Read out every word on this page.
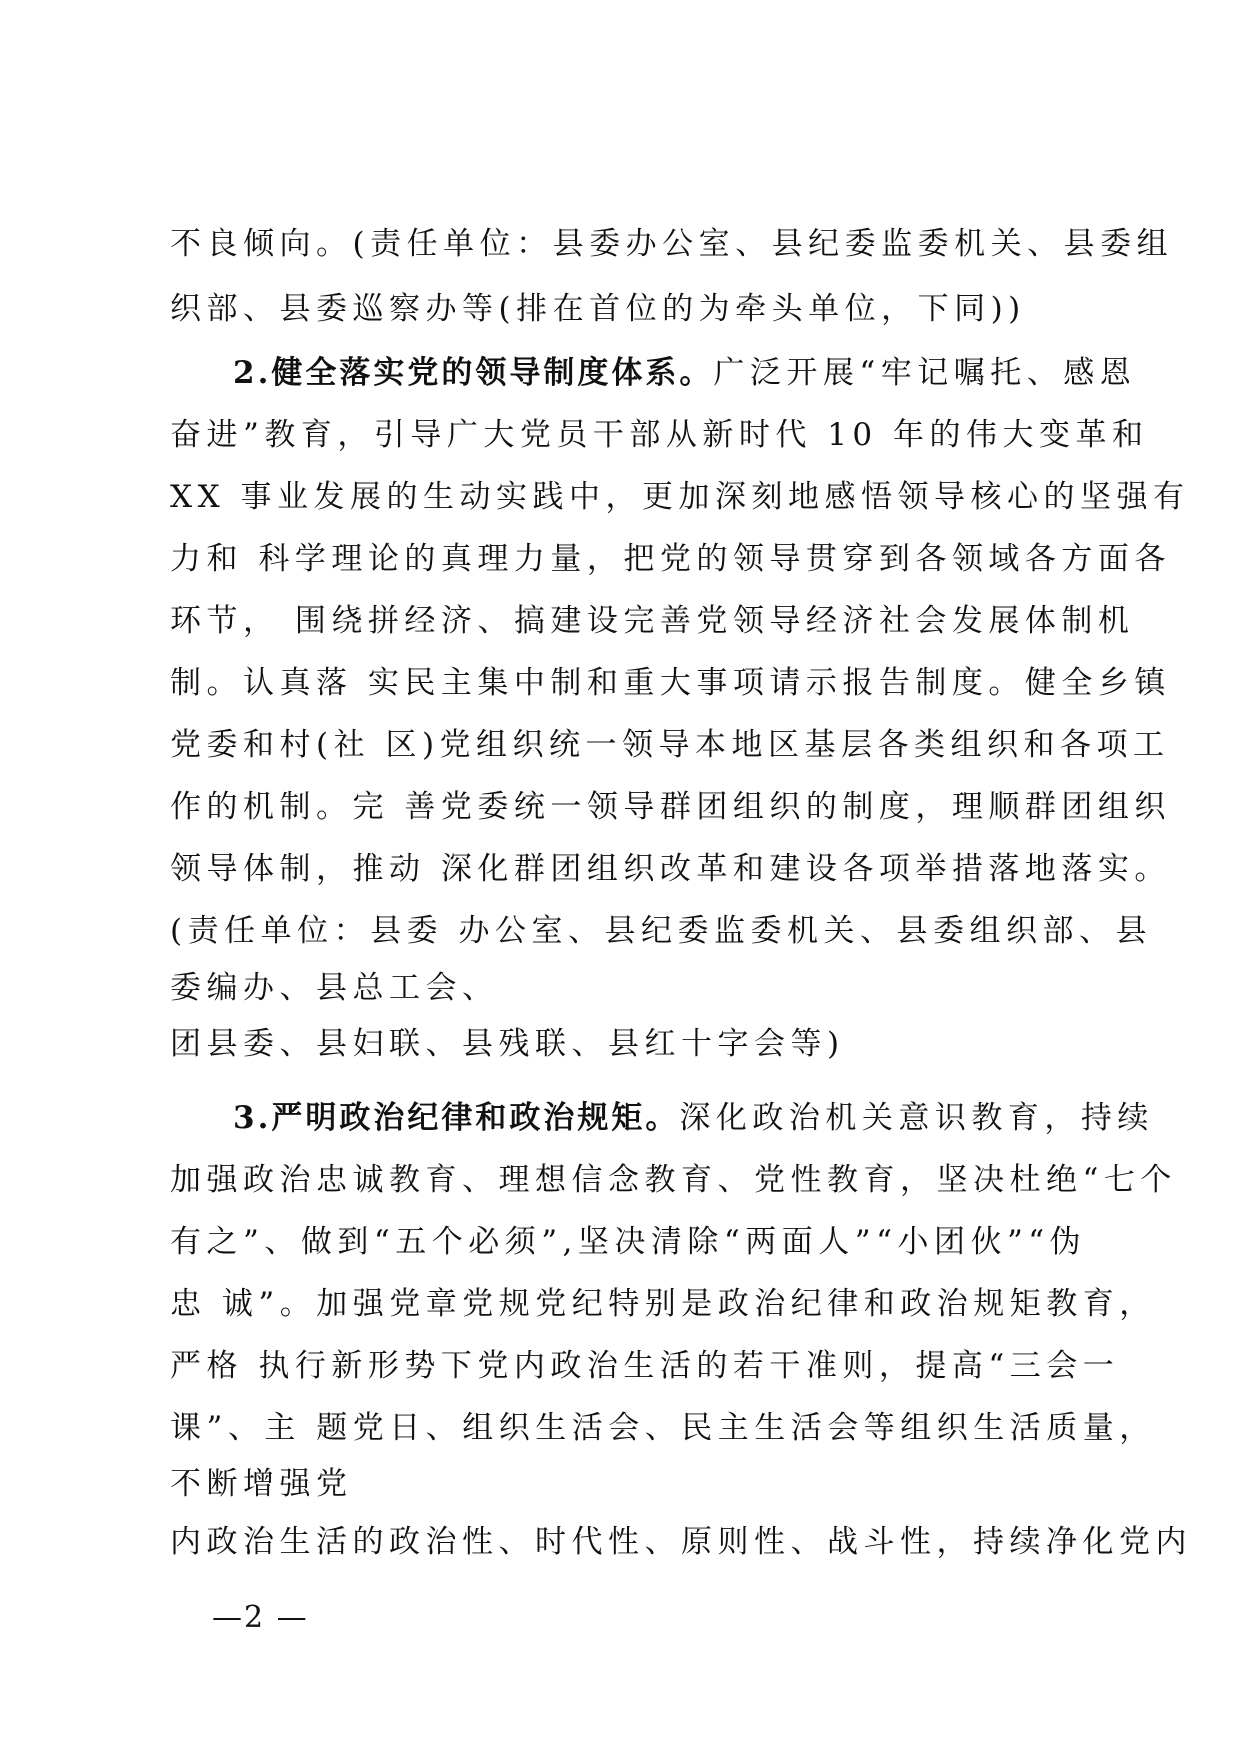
不良倾向。(责任单位：县委办公室、县纪委监委机关、县委组
织部、县委巡察办等(排在首位的为牵头单位，下同))
2.健全落实党的领导制度体系。广泛开展“牢记嘱托、感恩
奋进”教育，引导广大党员干部从新时代 10 年的伟大变革和
XX 事业发展的生动实践中，更加深刻地感悟领导核心的坚强有
力和 科学理论的真理力量，把党的领导贯穿到各领域各方面各
环节， 围绕拼经济、搞建设完善党领导经济社会发展体制机
制。认真落 实民主集中制和重大事项请示报告制度。健全乡镇
党委和村(社 区)党组织统一领导本地区基层各类组织和各项工
作的机制。完 善党委统一领导群团组织的制度，理顺群团组织
领导体制，推动 深化群团组织改革和建设各项举措落地落实。
(责任单位：县委 办公室、县纪委监委机关、县委组织部、县
委编办、县总工会、
团县委、县妇联、县残联、县红十字会等)
3.严明政治纪律和政治规矩。深化政治机关意识教育，持续
加强政治忠诚教育、理想信念教育、党性教育，坚决杜绝“七个
有之”、做到“五个必须”,坚决清除“两面人”“小团伙”“伪
忠 诚”。加强党章党规党纪特别是政治纪律和政治规矩教育，
严格 执行新形势下党内政治生活的若干准则，提高“三会一
课”、主 题党日、组织生活会、民主生活会等组织生活质量，
不断增强党
内政治生活的政治性、时代性、原则性、战斗性，持续净化党内
—2 —
